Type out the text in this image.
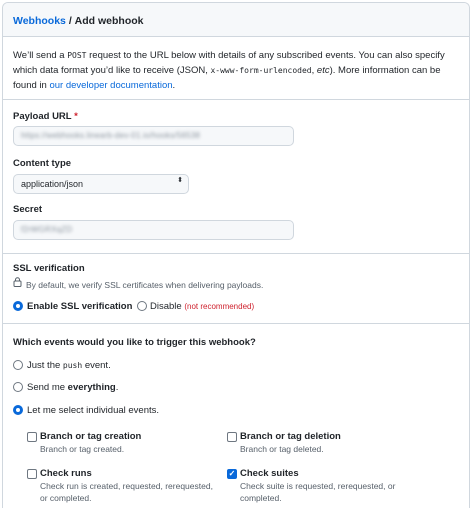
Webhooks / Add webhook

We’ll send a POST request to the URL below with details of any subscribed events. You can also specify which data format you’d like to receive (JSON, x-www-form-urlencoded, etc). More information can be found in our developer documentation.

Payload URL *
https://webhooks.linearb-dev-01.io/hooks/56538
Content type
application/json	⬍
Secret
f2rWGRXqZD
SSL verification
By default, we verify SSL certificates when delivering payloads.
Enable SSL verification Disable (not recommended)
Which events would you like to trigger this webhook?
Just the push event.
Send me everything.
Let me select individual events.
Branch or tag creation
Branch or tag created.
Branch or tag deletion
Branch or tag deleted.
Check runs
Check run is created, requested, rerequested, or completed.
✓ Check suites
Check suite is requested, rerequested, or completed.
